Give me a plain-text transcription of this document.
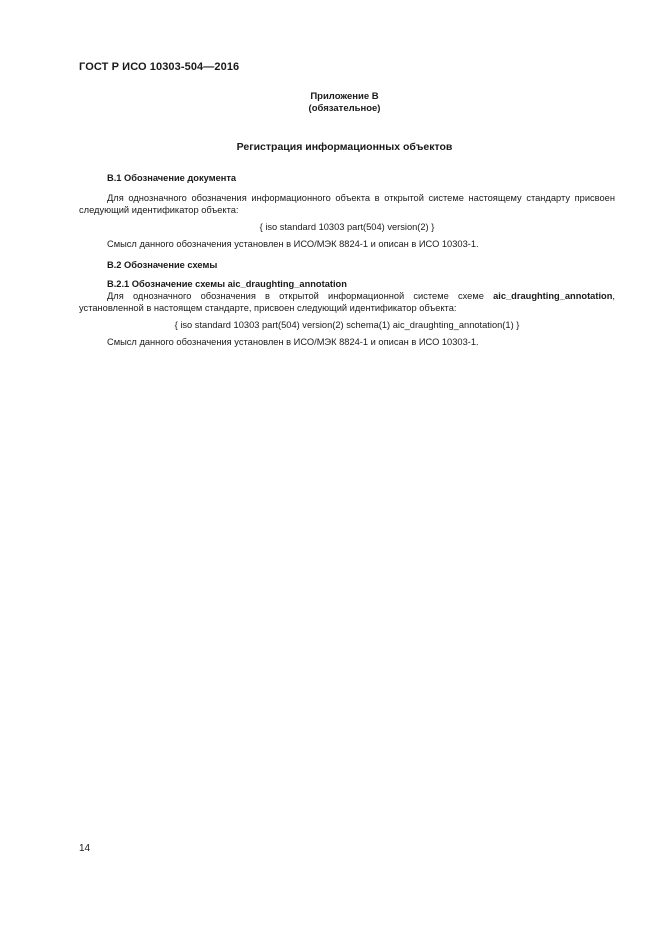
ГОСТ Р ИСО 10303-504—2016
Приложение В
(обязательное)
Регистрация информационных объектов

В.1 Обозначение документа

Для однозначного обозначения информационного объекта в открытой системе настоящему стандарту присвоен следующий идентификатор объекта:

{ iso standard 10303 part(504) version(2) }

Смысл данного обозначения установлен в ИСО/МЭК 8824-1 и описан в ИСО 10303-1.

В.2 Обозначение схемы

В.2.1 Обозначение схемы aic_draughting_annotation

Для однозначного обозначения в открытой информационной системе схеме aic_draughting_annotation, установленной в настоящем стандарте, присвоен следующий идентификатор объекта:

{ iso standard 10303 part(504) version(2) schema(1) aic_draughting_annotation(1) }

Смысл данного обозначения установлен в ИСО/МЭК 8824-1 и описан в ИСО 10303-1.

14
